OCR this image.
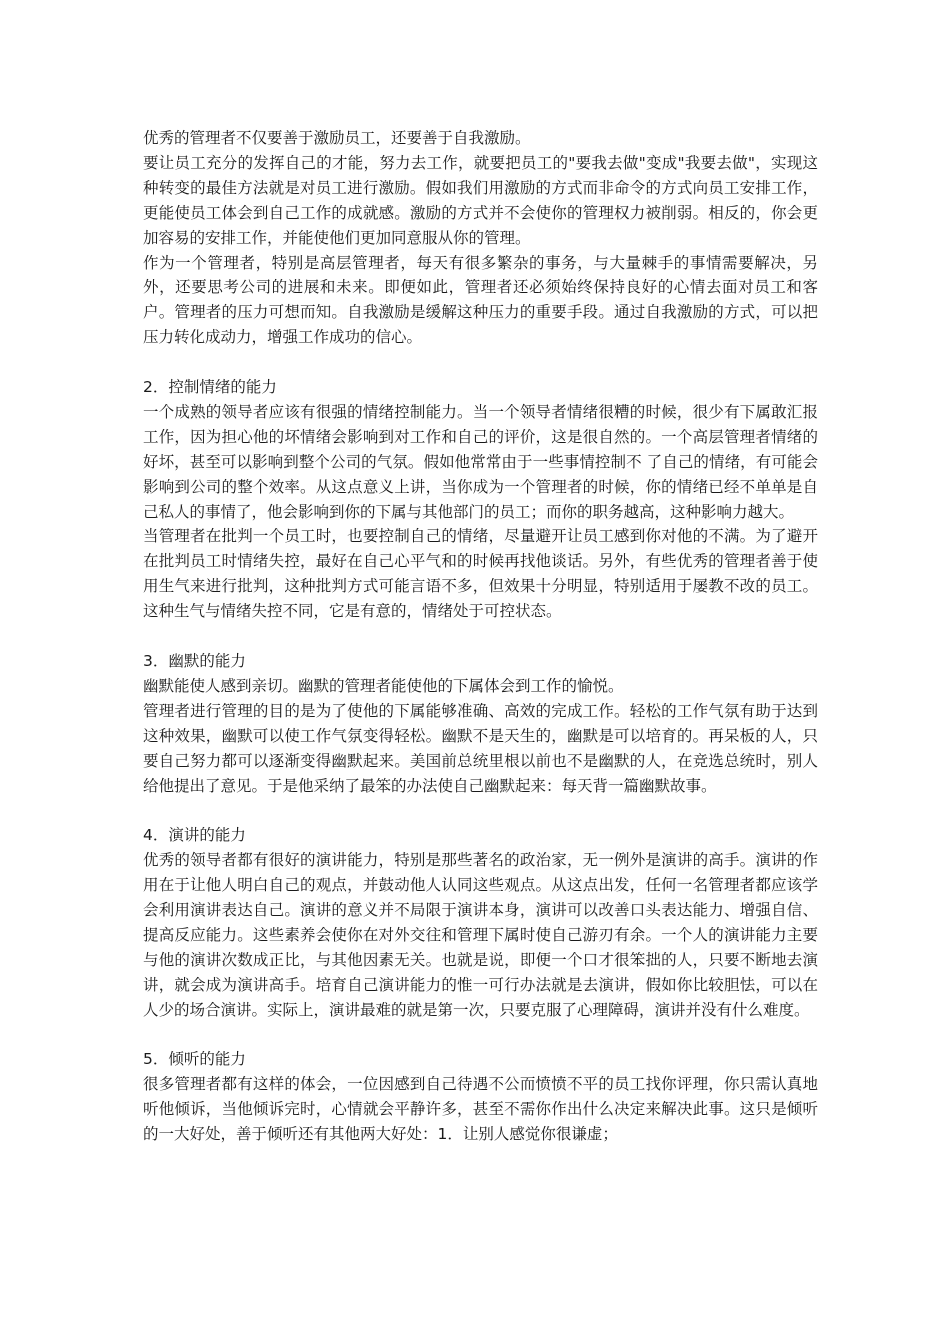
优秀的管理者不仅要善于激励员工，还要善于自我激励。

要让员工充分的发挥自己的才能，努力去工作，就要把员工的"要我去做"变成"我要去做"，实现这种转变的最佳方法就是对员工进行激励。假如我们用激励的方式而非命令的方式向员工安排工作，更能使员工体会到自己工作的成就感。激励的方式并不会使你的管理权力被削弱。相反的，你会更加容易的安排工作，并能使他们更加同意服从你的管理。

作为一个管理者，特别是高层管理者，每天有很多繁杂的事务，与大量棘手的事情需要解决，另外，还要思考公司的进展和未来。即便如此，管理者还必须始终保持良好的心情去面对员工和客户。管理者的压力可想而知。自我激励是缓解这种压力的重要手段。通过自我激励的方式，可以把压力转化成动力，增强工作成功的信心。

2．控制情绪的能力

一个成熟的领导者应该有很强的情绪控制能力。当一个领导者情绪很糟的时候，很少有下属敢汇报工作，因为担心他的坏情绪会影响到对工作和自己的评价，这是很自然的。一个高层管理者情绪的好坏，甚至可以影响到整个公司的气氛。假如他常常由于一些事情控制不 了自己的情绪，有可能会影响到公司的整个效率。从这点意义上讲，当你成为一个管理者的时候，你的情绪已经不单单是自己私人的事情了，他会影响到你的下属与其他部门的员工；而你的职务越高，这种影响力越大。

当管理者在批判一个员工时，也要控制自己的情绪，尽量避开让员工感到你对他的不满。为了避开在批判员工时情绪失控，最好在自己心平气和的时候再找他谈话。另外，有些优秀的管理者善于使用生气来进行批判，这种批判方式可能言语不多，但效果十分明显，特别适用于屡教不改的员工。这种生气与情绪失控不同，它是有意的，情绪处于可控状态。

3．幽默的能力

幽默能使人感到亲切。幽默的管理者能使他的下属体会到工作的愉悦。

管理者进行管理的目的是为了使他的下属能够准确、高效的完成工作。轻松的工作气氛有助于达到这种效果，幽默可以使工作气氛变得轻松。幽默不是天生的，幽默是可以培育的。再呆板的人，只要自己努力都可以逐渐变得幽默起来。美国前总统里根以前也不是幽默的人，在竞选总统时，别人给他提出了意见。于是他采纳了最笨的办法使自己幽默起来：每天背一篇幽默故事。

4．演讲的能力

优秀的领导者都有很好的演讲能力，特别是那些著名的政治家，无一例外是演讲的高手。演讲的作用在于让他人明白自己的观点，并鼓动他人认同这些观点。从这点出发，任何一名管理者都应该学会利用演讲表达自己。演讲的意义并不局限于演讲本身，演讲可以改善口头表达能力、增强自信、提高反应能力。这些素养会使你在对外交往和管理下属时使自己游刃有余。一个人的演讲能力主要与他的演讲次数成正比，与其他因素无关。也就是说，即便一个口才很笨拙的人，只要不断地去演讲，就会成为演讲高手。培育自己演讲能力的惟一可行办法就是去演讲，假如你比较胆怯，可以在人少的场合演讲。实际上，演讲最难的就是第一次，只要克服了心理障碍，演讲并没有什么难度。

5．倾听的能力

很多管理者都有这样的体会，一位因感到自己待遇不公而愤愤不平的员工找你评理，你只需认真地听他倾诉，当他倾诉完时，心情就会平静许多，甚至不需你作出什么决定来解决此事。这只是倾听的一大好处，善于倾听还有其他两大好处：1．让别人感觉你很谦虚；
